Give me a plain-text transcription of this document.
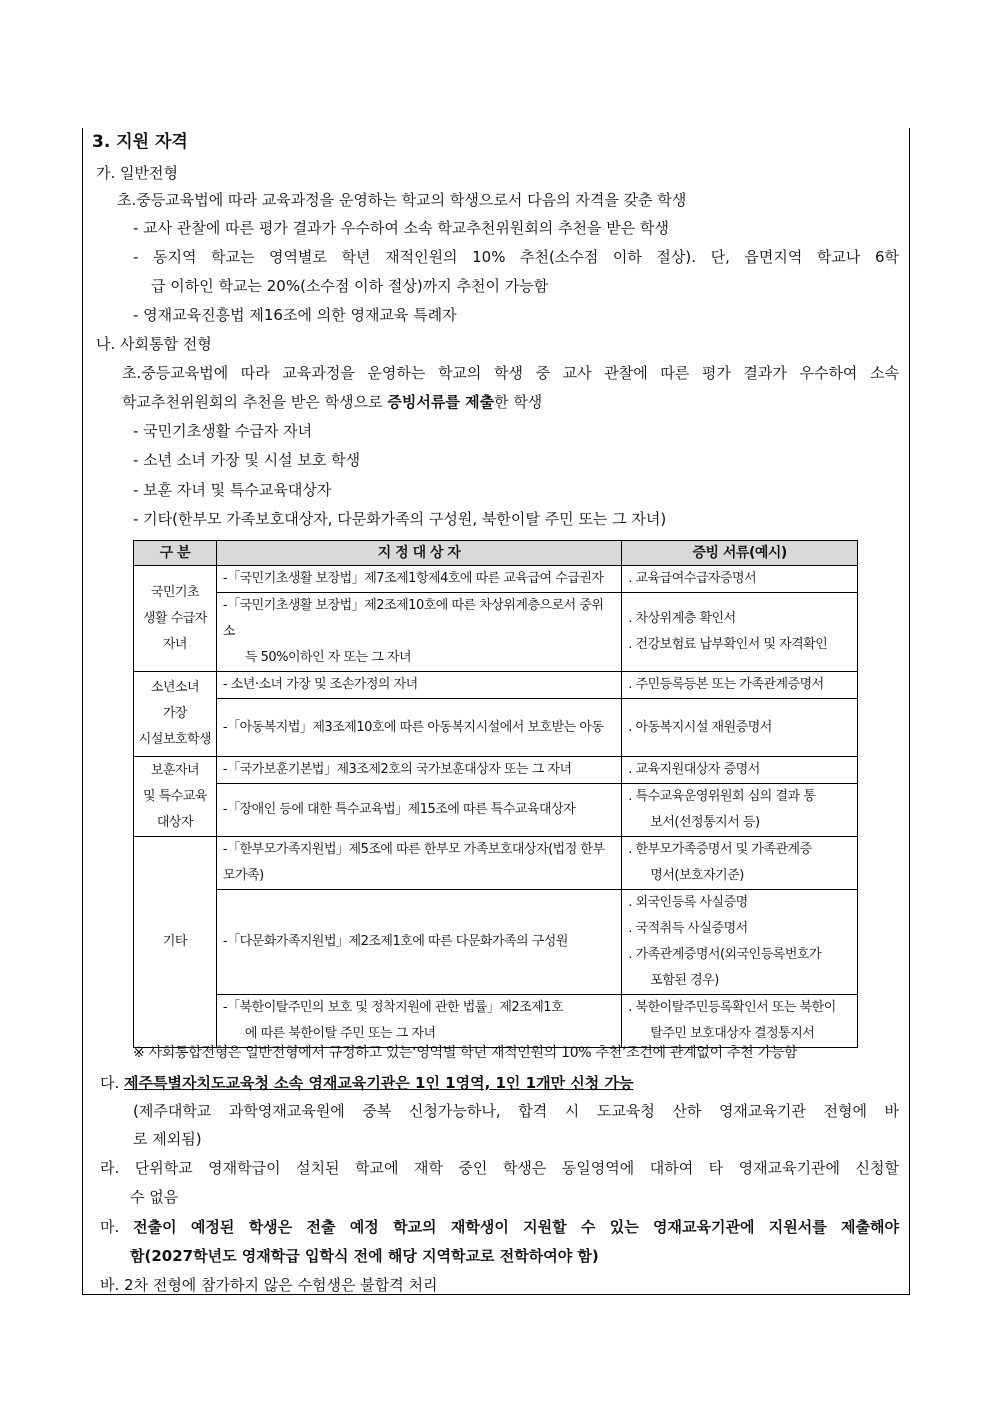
3. 지원 자격
가. 일반전형
초.중등교육법에 따라 교육과정을 운영하는 학교의 학생으로서 다음의 자격을 갖춘 학생
- 교사 관찰에 따른 평가 결과가 우수하여 소속 학교추천위원회의 추천을 받은 학생
- 동지역 학교는 영역별로 학년 재적인원의 10% 추천(소수점 이하 절상). 단, 읍면지역 학교나 6학
급 이하인 학교는 20%(소수점 이하 절상)까지 추천이 가능함
- 영재교육진흥법 제16조에 의한 영재교육 특례자
나. 사회통합 전형
초.중등교육법에 따라 교육과정을 운영하는 학교의 학생 중 교사 관찰에 따른 평가 결과가 우수하여 소속
학교추천위원회의 추천을 받은 학생으로 증빙서류를 제출한 학생
- 국민기초생활 수급자 자녀
- 소년 소녀 가장 및 시설 보호 학생
- 보훈 자녀 및 특수교육대상자
- 기타(한부모 가족보호대상자, 다문화가족의 구성원, 북한이탈 주민 또는 그 자녀)
구 분	지 정 대 상 자	증빙 서류(예시)

국민기초
생활 수급자
자녀	-「국민기초생활 보장법」제7조제1항제4호에 따른 교육급여 수급권자	. 교육급여수급자증명서

	-「국민기초생활 보장법」제2조제10호에 따른 차상위계층으로서 중위소
득 50%이하인 자 또는 그 자녀	. 차상위계층 확인서
. 건강보험료 납부확인서 및 자격확인

소년소녀
가장
시설보호학생	- 소년·소녀 가장 및 조손가정의 자녀	. 주민등록등본 또는 가족관계증명서
	-「아동복지법」제3조제10호에 따른 아동복지시설에서 보호받는 아동	. 아동복지시설 재원증명서

보훈자녀
및 특수교육
대상자	-「국가보훈기본법」제3조제2호의 국가보훈대상자 또는 그 자녀	. 교육지원대상자 증명서
	-「장애인 등에 대한 특수교육법」제15조에 따른 특수교육대상자	. 특수교육운영위원회 심의 결과 통
보서(선정통지서 등)

기타	-「한부모가족지원법」제5조에 따른 한부모 가족보호대상자(법정 한부모가족)	. 한부모가족증명서 및 가족관계증
명서(보호자기준)

	-「다문화가족지원법」제2조제1호에 따른 다문화가족의 구성원	. 외국인등록 사실증명
. 국적취득 사실증명서
. 가족관계증명서(외국인등록번호가
포함된 경우)

	-「북한이탈주민의 보호 및 정착지원에 관한 법률」제2조제1호
에 따른 북한이탈 주민 또는 그 자녀	. 북한이탈주민등록확인서 또는 북한이
탈주민 보호대상자 결정통지서
※ 사회통합전형은 일반전형에서 규정하고 있는‘영역별 학년 재적인원의 10% 추천’조건에 관계없이 추천 가능함
다. 제주특별자치도교육청 소속 영재교육기관은 1인 1영역, 1인 1개만 신청 가능
(제주대학교 과학영재교육원에 중복 신청가능하나, 합격 시 도교육청 산하 영재교육기관 전형에 바
로 제외됨)
라. 단위학교 영재학급이 설치된 학교에 재학 중인 학생은 동일영역에 대하여 타 영재교육기관에 신청할
수 없음
마. 전출이 예정된 학생은 전출 예정 학교의 재학생이 지원할 수 있는 영재교육기관에 지원서를 제출해야
함(2027학년도 영재학급 입학식 전에 해당 지역학교로 전학하여야 함)
바. 2차 전형에 참가하지 않은 수험생은 불합격 처리
